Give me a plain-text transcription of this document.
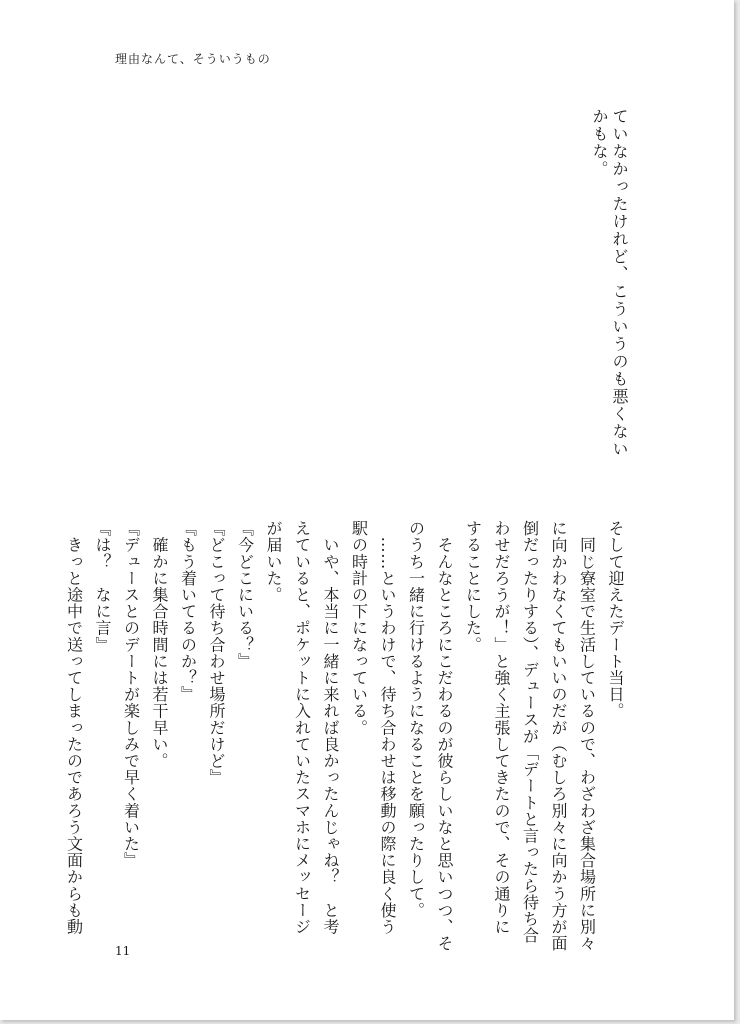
理由なんて、そういうもの
ていなかったけれど、こういうのも悪くないかもな。

そして迎えたデート当日。

　同じ寮室で生活しているので、わざわざ集合場所に別々

に向かわなくてもいいのだが（むしろ別々に向かう方が面

倒だったりする）、デュースが「デートと言ったら待ち合

わせだろうが！」と強く主張してきたので、その通りに

することにした。

　そんなところにこだわるのが彼らしいなと思いつつ、そ

のうち一緒に行けるようになることを願ったりして。

　……というわけで、待ち合わせは移動の際に良く使う

駅の時計の下になっている。

　いや、本当に一緒に来れば良かったんじゃね？　と考

えていると、ポケットに入れていたスマホにメッセージ

が届いた。

『今どこにいる？』

『どこって待ち合わせ場所だけど』

『もう着いてるのか？』

　確かに集合時間には若干早い。

『デュースとのデートが楽しみで早く着いた』

『は？　なに言』

　きっと途中で送ってしまったのであろう文面からも動

11
